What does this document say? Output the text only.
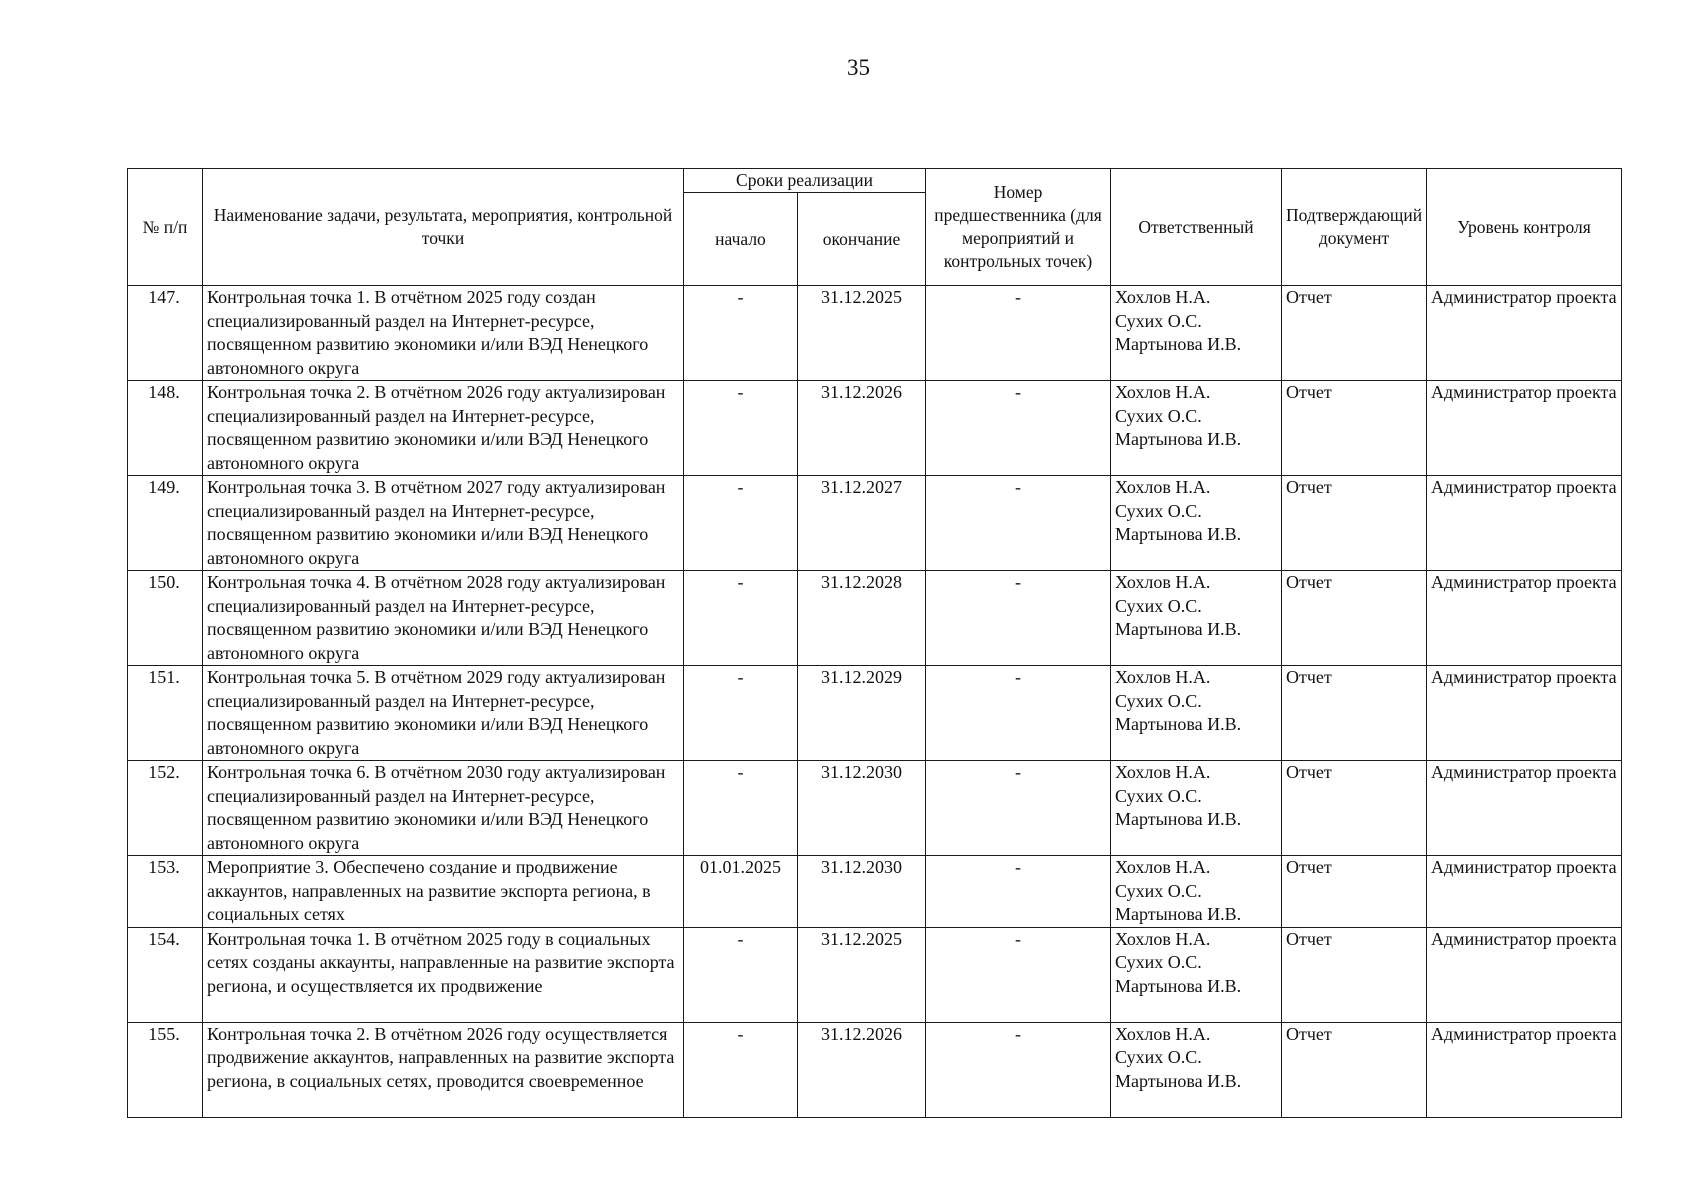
35
№ п/п	Наименование задачи, результата, мероприятия, контрольной точки	Сроки реализации		Номер предшественника (для мероприятий и контрольных точек)	Ответственный	Подтверждающий документ	Уровень контроля
		начало	окончание				
147.	Контрольная точка 1. В отчётном 2025 году создан специализированный раздел на Интернет-ресурсе, посвященном развитию экономики и/или ВЭД Ненецкого автономного округа	-	31.12.2025	-	Хохлов Н.А.
Сухих О.С.
Мартынова И.В.	Отчет	Администратор проекта
148.	Контрольная точка 2. В отчётном 2026 году актуализирован специализированный раздел на Интернет-ресурсе, посвященном развитию экономики и/или ВЭД Ненецкого автономного округа	-	31.12.2026	-	Хохлов Н.А.
Сухих О.С.
Мартынова И.В.	Отчет	Администратор проекта
149.	Контрольная точка 3. В отчётном 2027 году актуализирован специализированный раздел на Интернет-ресурсе, посвященном развитию экономики и/или ВЭД Ненецкого автономного округа	-	31.12.2027	-	Хохлов Н.А.
Сухих О.С.
Мартынова И.В.	Отчет	Администратор проекта
150.	Контрольная точка 4. В отчётном 2028 году актуализирован специализированный раздел на Интернет-ресурсе, посвященном развитию экономики и/или ВЭД Ненецкого автономного округа	-	31.12.2028	-	Хохлов Н.А.
Сухих О.С.
Мартынова И.В.	Отчет	Администратор проекта
151.	Контрольная точка 5. В отчётном 2029 году актуализирован специализированный раздел на Интернет-ресурсе, посвященном развитию экономики и/или ВЭД Ненецкого автономного округа	-	31.12.2029	-	Хохлов Н.А.
Сухих О.С.
Мартынова И.В.	Отчет	Администратор проекта
152.	Контрольная точка 6. В отчётном 2030 году актуализирован специализированный раздел на Интернет-ресурсе, посвященном развитию экономики и/или ВЭД Ненецкого автономного округа	-	31.12.2030	-	Хохлов Н.А.
Сухих О.С.
Мартынова И.В.	Отчет	Администратор проекта
153.	Мероприятие 3. Обеспечено создание и продвижение аккаунтов, направленных на развитие экспорта региона, в социальных сетях	01.01.2025	31.12.2030	-	Хохлов Н.А.
Сухих О.С.
Мартынова И.В.	Отчет	Администратор проекта
154.	Контрольная точка 1. В отчётном 2025 году в социальных сетях созданы аккаунты, направленные на развитие экспорта региона, и осуществляется их продвижение	-	31.12.2025	-	Хохлов Н.А.
Сухих О.С.
Мартынова И.В.	Отчет	Администратор проекта
155.	Контрольная точка 2. В отчётном 2026 году осуществляется продвижение аккаунтов, направленных на развитие экспорта региона, в социальных сетях, проводится своевременное	-	31.12.2026	-	Хохлов Н.А.
Сухих О.С.
Мартынова И.В.	Отчет	Администратор проекта
